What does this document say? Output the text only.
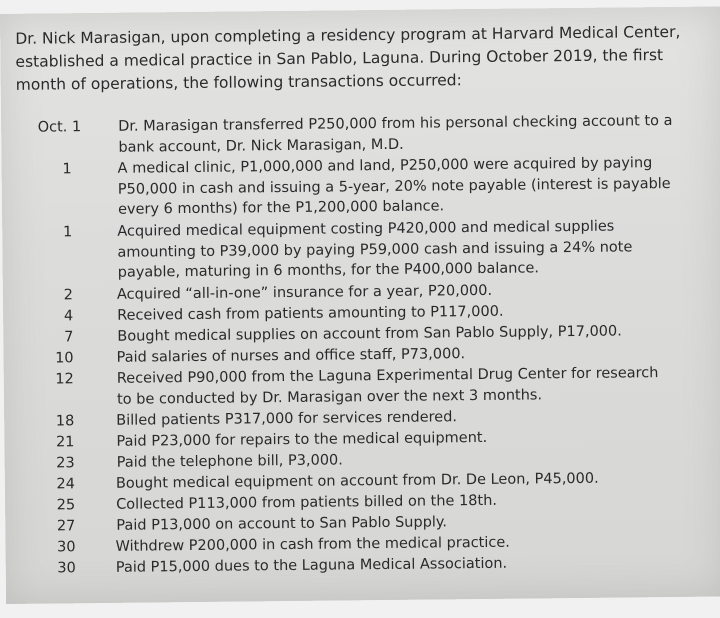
Dr. Nick Marasigan, upon completing a residency program at Harvard Medical Center, established a medical practice in San Pablo, Laguna. During October 2019, the first month of operations, the following transactions occurred:
Oct. 1	Dr. Marasigan transferred P250,000 from his personal checking account to a bank account, Dr. Nick Marasigan, M.D.
1	A medical clinic, P1,000,000 and land, P250,000 were acquired by paying P50,000 in cash and issuing a 5-year, 20% note payable (interest is payable every 6 months) for the P1,200,000 balance.
1	Acquired medical equipment costing P420,000 and medical supplies amounting to P39,000 by paying P59,000 cash and issuing a 24% note payable, maturing in 6 months, for the P400,000 balance.
2	Acquired “all-in-one” insurance for a year, P20,000.
4	Received cash from patients amounting to P117,000.
7	Bought medical supplies on account from San Pablo Supply, P17,000.
10	Paid salaries of nurses and office staff, P73,000.
12	Received P90,000 from the Laguna Experimental Drug Center for research to be conducted by Dr. Marasigan over the next 3 months.
18	Billed patients P317,000 for services rendered.
21	Paid P23,000 for repairs to the medical equipment.
23	Paid the telephone bill, P3,000.
24	Bought medical equipment on account from Dr. De Leon, P45,000.
25	Collected P113,000 from patients billed on the 18th.
27	Paid P13,000 on account to San Pablo Supply.
30	Withdrew P200,000 in cash from the medical practice.
30	Paid P15,000 dues to the Laguna Medical Association.
